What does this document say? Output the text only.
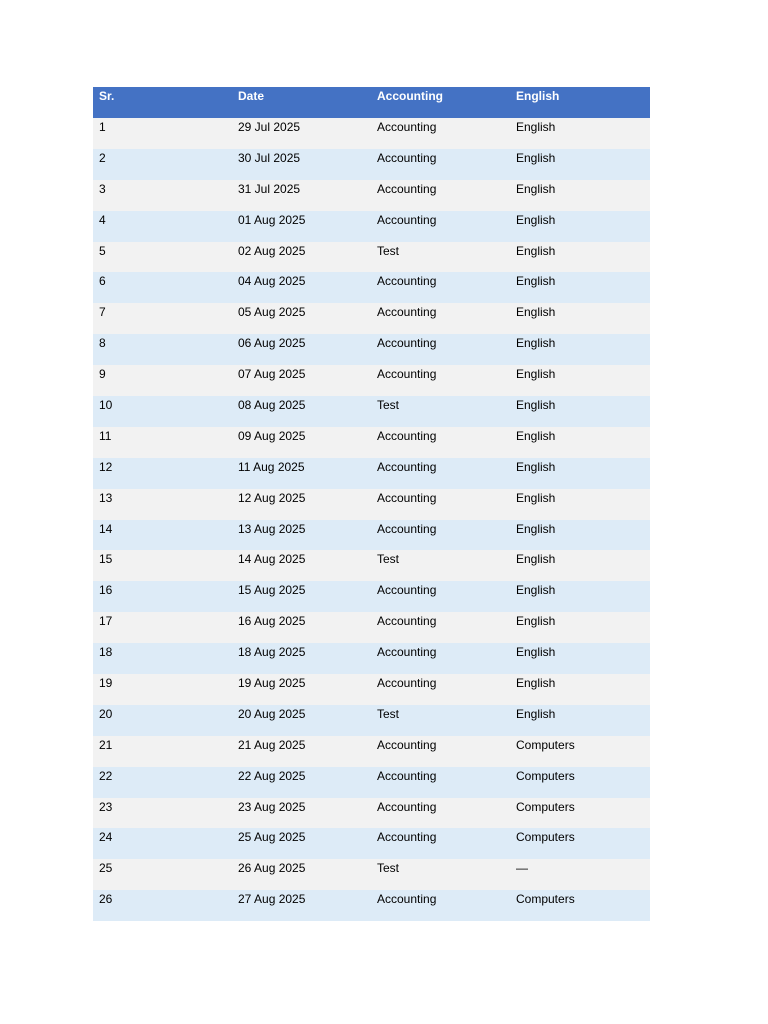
Sr.	Date	Accounting	English
1	29 Jul 2025	Accounting	English
2	30 Jul 2025	Accounting	English
3	31 Jul 2025	Accounting	English
4	01 Aug 2025	Accounting	English
5	02 Aug 2025	Test	English
6	04 Aug 2025	Accounting	English
7	05 Aug 2025	Accounting	English
8	06 Aug 2025	Accounting	English
9	07 Aug 2025	Accounting	English
10	08 Aug 2025	Test	English
11	09 Aug 2025	Accounting	English
12	11 Aug 2025	Accounting	English
13	12 Aug 2025	Accounting	English
14	13 Aug 2025	Accounting	English
15	14 Aug 2025	Test	English
16	15 Aug 2025	Accounting	English
17	16 Aug 2025	Accounting	English
18	18 Aug 2025	Accounting	English
19	19 Aug 2025	Accounting	English
20	20 Aug 2025	Test	English
21	21 Aug 2025	Accounting	Computers
22	22 Aug 2025	Accounting	Computers
23	23 Aug 2025	Accounting	Computers
24	25 Aug 2025	Accounting	Computers
25	26 Aug 2025	Test	—
26	27 Aug 2025	Accounting	Computers
